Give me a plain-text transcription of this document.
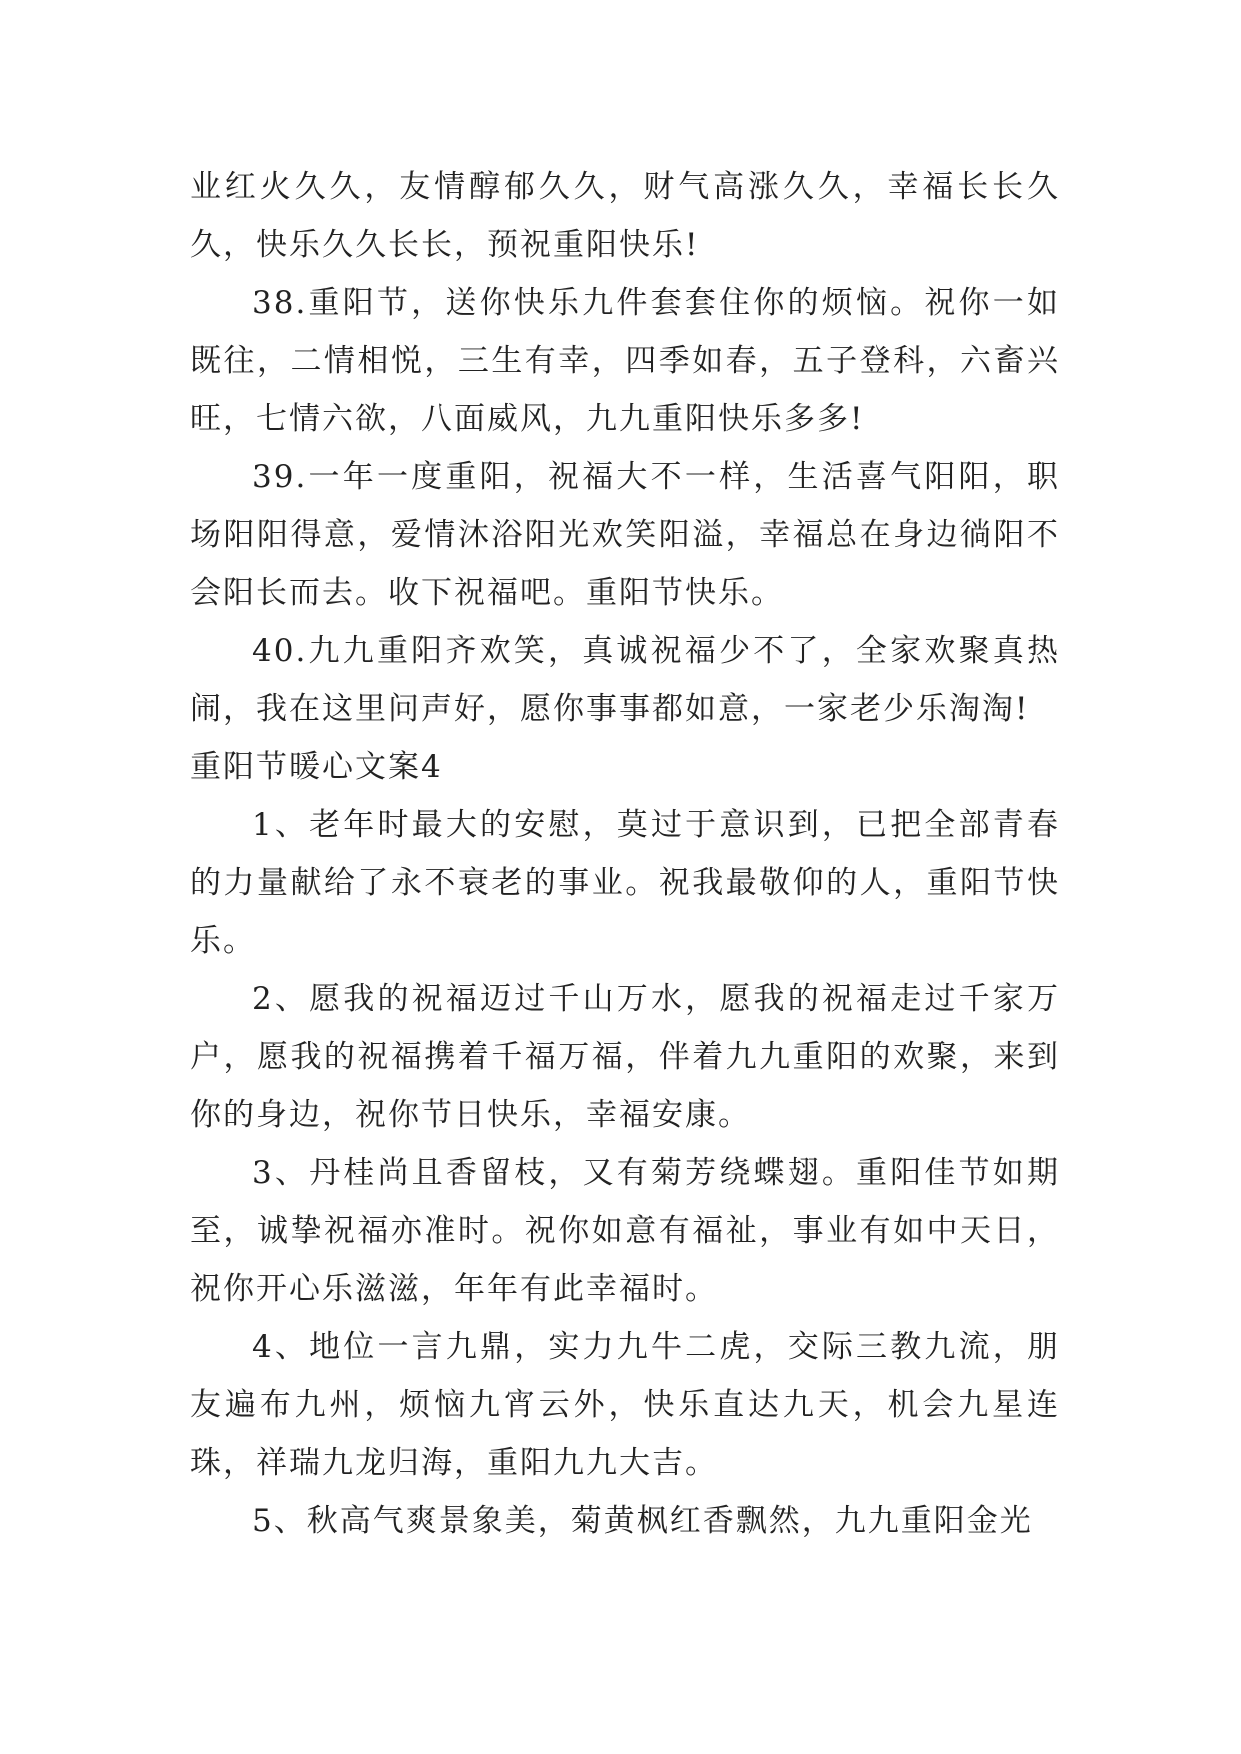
业红火久久，友情醇郁久久，财气高涨久久，幸福长长久久，快乐久久长长，预祝重阳快乐!

38.重阳节，送你快乐九件套套住你的烦恼。祝你一如既往，二情相悦，三生有幸，四季如春，五子登科，六畜兴旺，七情六欲，八面威风，九九重阳快乐多多!

39.一年一度重阳，祝福大不一样，生活喜气阳阳，职场阳阳得意，爱情沐浴阳光欢笑阳溢，幸福总在身边徜阳不会阳长而去。收下祝福吧。重阳节快乐。

40.九九重阳齐欢笑，真诚祝福少不了，全家欢聚真热闹，我在这里问声好，愿你事事都如意，一家老少乐淘淘!

重阳节暖心文案4

1、老年时最大的安慰，莫过于意识到，已把全部青春的力量献给了永不衰老的事业。祝我最敬仰的人，重阳节快乐。

2、愿我的祝福迈过千山万水，愿我的祝福走过千家万户，愿我的祝福携着千福万福，伴着九九重阳的欢聚，来到你的身边，祝你节日快乐，幸福安康。

3、丹桂尚且香留枝，又有菊芳绕蝶翅。重阳佳节如期至，诚挚祝福亦准时。祝你如意有福祉，事业有如中天日，祝你开心乐滋滋，年年有此幸福时。

4、地位一言九鼎，实力九牛二虎，交际三教九流，朋友遍布九州，烦恼九宵云外，快乐直达九天，机会九星连珠，祥瑞九龙归海，重阳九九大吉。

5、秋高气爽景象美，菊黄枫红香飘然，九九重阳金光
